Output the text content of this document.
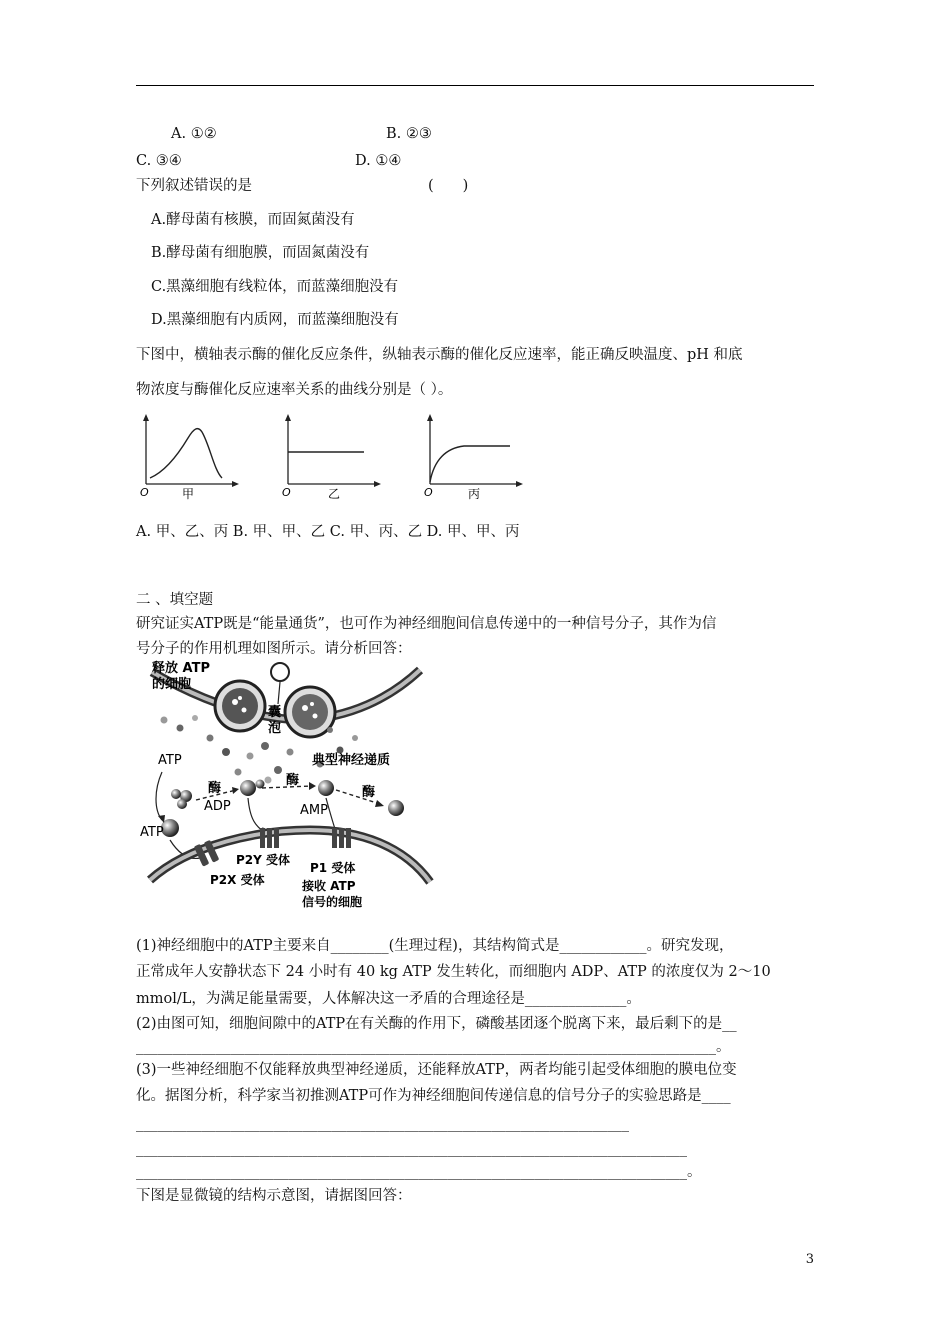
A. ①②	B. ②③
C. ③④	D. ①④
下列叙述错误的是	(　　)
A.酵母菌有核膜，而固氮菌没有
B.酵母菌有细胞膜，而固氮菌没有
C.黑藻细胞有线粒体，而蓝藻细胞没有
D.黑藻细胞有内质网，而蓝藻细胞没有
下图中，横轴表示酶的催化反应条件，纵轴表示酶的催化反应速率，能正确反映温度、pH 和底
物浓度与酶催化反应速率关系的曲线分别是（ ）。
O	甲	O	乙	O	丙
A. 甲、乙、丙 B. 甲、甲、乙 C. 甲、丙、乙 D. 甲、甲、丙
二 、填空题
研究证实ATP既是“能量通货”，也可作为神经细胞间信息传递中的一种信号分子，其作为信
号分子的作用机理如图所示。请分析回答：
释放 ATP
的细胞
囊
泡
ATP	典型神经递质
酶
酶
酶
ADP	AMP
ATP
P2Y 受体
P1 受体
P2X 受体	接收 ATP
信号的细胞
(1)神经细胞中的ATP主要来自________(生理过程)，其结构简式是____________。研究发现，
正常成年人安静状态下 24 小时有 40 kg ATP 发生转化，而细胞内 ADP、ATP 的浓度仅为 2～10
mmol/L，为满足能量需要，人体解决这一矛盾的合理途径是______________。
(2)由图可知，细胞间隙中的ATP在有关酶的作用下，磷酸基团逐个脱离下来，最后剩下的是__
________________________________________________________________________________。
(3)一些神经细胞不仅能释放典型神经递质，还能释放ATP，两者均能引起受体细胞的膜电位变
化。据图分析，科学家当初推测ATP可作为神经细胞间传递信息的信号分子的实验思路是____
____________________________________________________________________
____________________________________________________________________________
____________________________________________________________________________。
下图是显微镜的结构示意图，请据图回答：
3
